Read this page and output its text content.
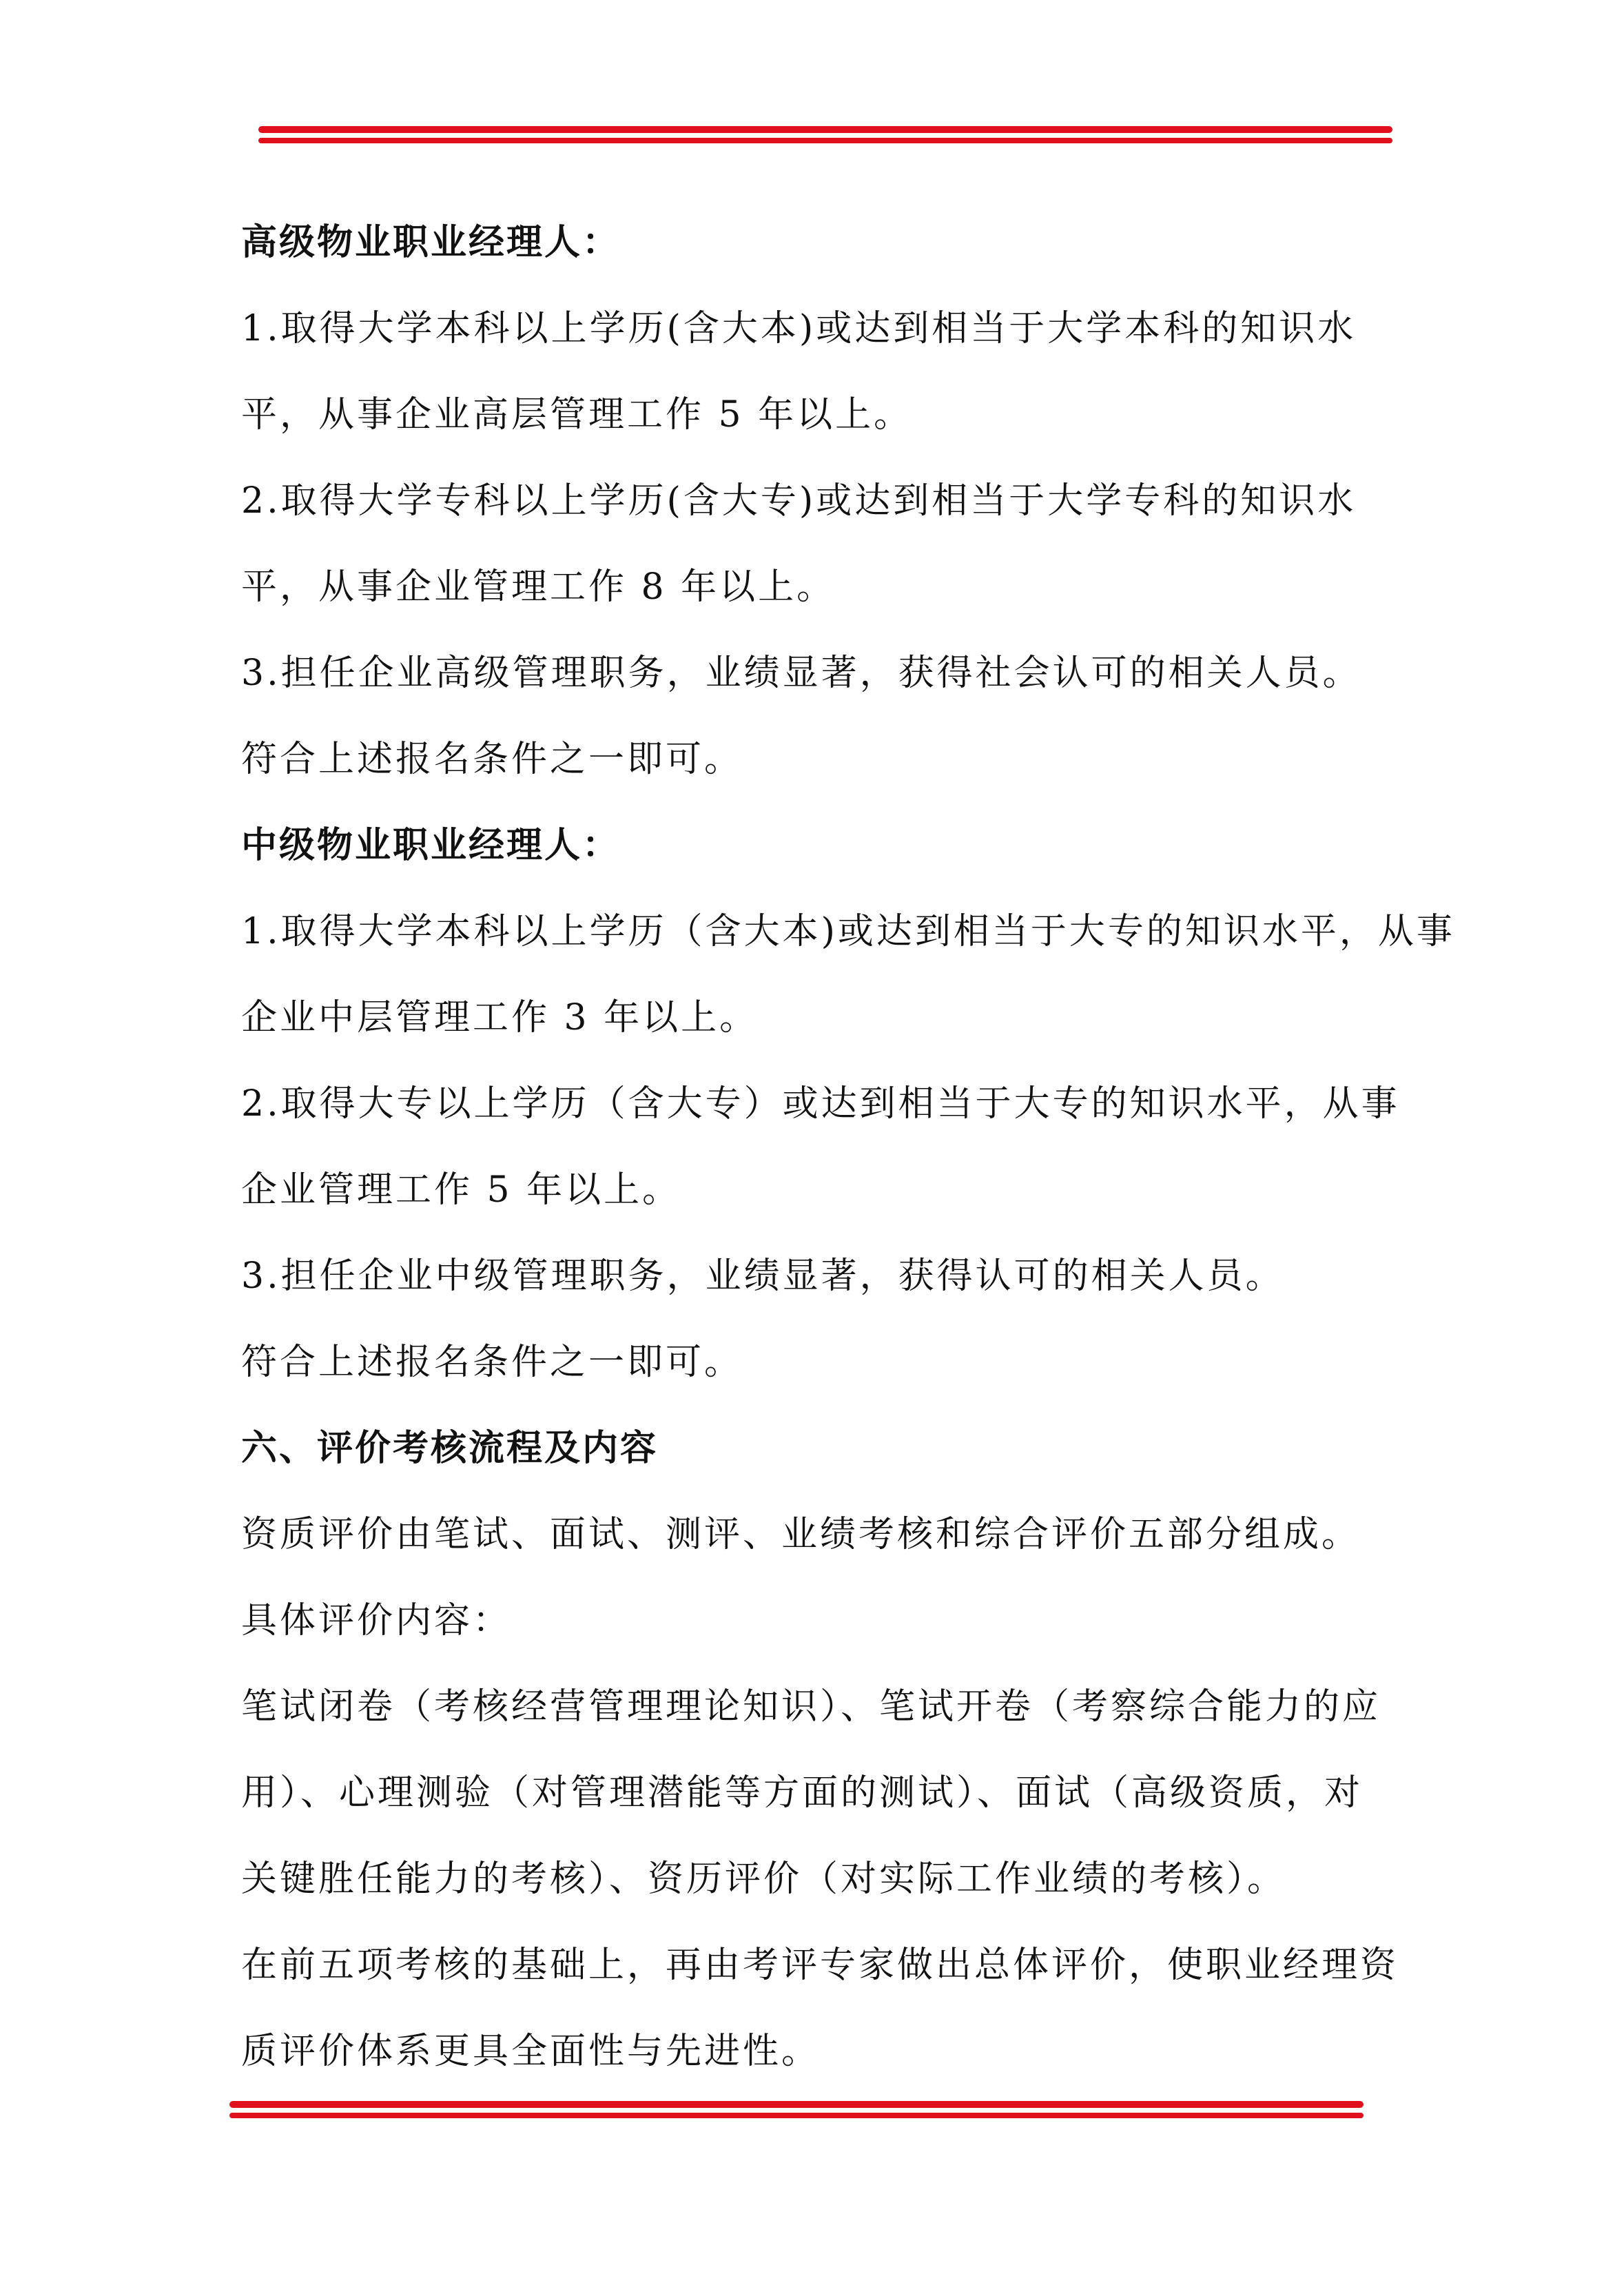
高级物业职业经理人：
1.取得大学本科以上学历(含大本)或达到相当于大学本科的知识水
平，从事企业高层管理工作 5 年以上。
2.取得大学专科以上学历(含大专)或达到相当于大学专科的知识水
平，从事企业管理工作 8 年以上。
3.担任企业高级管理职务，业绩显著，获得社会认可的相关人员。
符合上述报名条件之一即可。
中级物业职业经理人：
1.取得大学本科以上学历（含大本)或达到相当于大专的知识水平，从事
企业中层管理工作 3 年以上。
2.取得大专以上学历（含大专）或达到相当于大专的知识水平，从事
企业管理工作 5 年以上。
3.担任企业中级管理职务，业绩显著，获得认可的相关人员。
符合上述报名条件之一即可。
六、评价考核流程及内容
资质评价由笔试、面试、测评、业绩考核和综合评价五部分组成。
具体评价内容：
笔试闭卷（考核经营管理理论知识）、笔试开卷（考察综合能力的应
用）、心理测验（对管理潜能等方面的测试）、面试（高级资质，对
关键胜任能力的考核）、资历评价（对实际工作业绩的考核）。
在前五项考核的基础上，再由考评专家做出总体评价，使职业经理资
质评价体系更具全面性与先进性。
